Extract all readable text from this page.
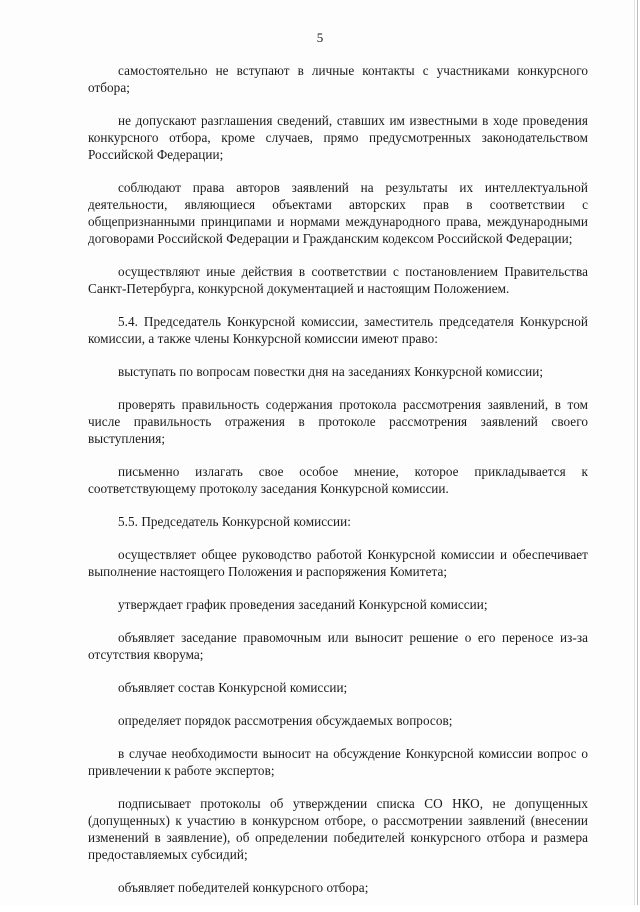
5

самостоятельно не вступают в личные контакты с участниками конкурсного отбора;

не допускают разглашения сведений, ставших им известными в ходе проведения конкурсного отбора, кроме случаев, прямо предусмотренных законодательством Российской Федерации;

соблюдают права авторов заявлений на результаты их интеллектуальной деятельности, являющиеся объектами авторских прав в соответствии с общепризнанными принципами и нормами международного права, международными договорами Российской Федерации и Гражданским кодексом Российской Федерации;

осуществляют иные действия в соответствии с постановлением Правительства Санкт-Петербурга, конкурсной документацией и настоящим Положением.

5.4. Председатель Конкурсной комиссии, заместитель председателя Конкурсной комиссии, а также члены Конкурсной комиссии имеют право:

выступать по вопросам повестки дня на заседаниях Конкурсной комиссии;

проверять правильность содержания протокола рассмотрения заявлений, в том числе правильность отражения в протоколе рассмотрения заявлений своего выступления;

письменно излагать свое особое мнение, которое прикладывается к соответствующему протоколу заседания Конкурсной комиссии.

5.5. Председатель Конкурсной комиссии:

осуществляет общее руководство работой Конкурсной комиссии и обеспечивает выполнение настоящего Положения и распоряжения Комитета;

утверждает график проведения заседаний Конкурсной комиссии;

объявляет заседание правомочным или выносит решение о его переносе из-за отсутствия кворума;

объявляет состав Конкурсной комиссии;

определяет порядок рассмотрения обсуждаемых вопросов;

в случае необходимости выносит на обсуждение Конкурсной комиссии вопрос о привлечении к работе экспертов;

подписывает протоколы об утверждении списка СО НКО, не допущенных (допущенных) к участию в конкурсном отборе, о рассмотрении заявлений (внесении изменений в заявление), об определении победителей конкурсного отбора и размера предоставляемых субсидий;

объявляет победителей конкурсного отбора;
